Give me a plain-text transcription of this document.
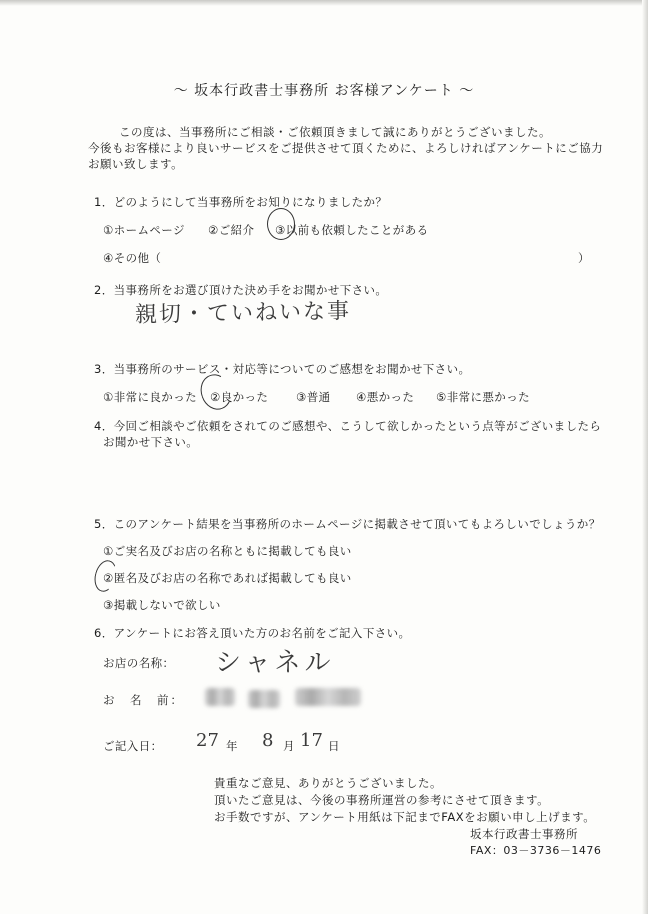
〜 坂本行政書士事務所 お客様アンケート 〜
この度は、当事務所にご相談・ご依頼頂きまして誠にありがとうございました。
今後もお客様により良いサービスをご提供させて頂くために、よろしければアンケートにご協力
お願い致します。
1．どのようにして当事務所をお知りになりましたか？
①ホームページ ②ご紹介 ③以前も依頼したことがある
④その他（	）
2．当事務所をお選び頂けた決め手をお聞かせ下さい。
親切・ていねいな事
3．当事務所のサービス・対応等についてのご感想をお聞かせ下さい。
①非常に良かった ②良かった ③普通 ④悪かった ⑤非常に悪かった
4．今回ご相談やご依頼をされてのご感想や、こうして欲しかったという点等がございましたら
お聞かせ下さい。
5．このアンケート結果を当事務所のホームページに掲載させて頂いてもよろしいでしょうか？
①ご実名及びお店の名称ともに掲載しても良い
②匿名及びお店の名称であれば掲載しても良い
③掲載しないで欲しい
6．アンケートにお答え頂いた方のお名前をご記入下さい。
お店の名称： シャネル
お　名　前：
ご記入日： 27 年 8 月 17 日
貴重なご意見、ありがとうございました。
頂いたご意見は、今後の事務所運営の参考にさせて頂きます。
お手数ですが、アンケート用紙は下記までFAXをお願い申し上げます。
坂本行政書士事務所
FAX：03－3736－1476
